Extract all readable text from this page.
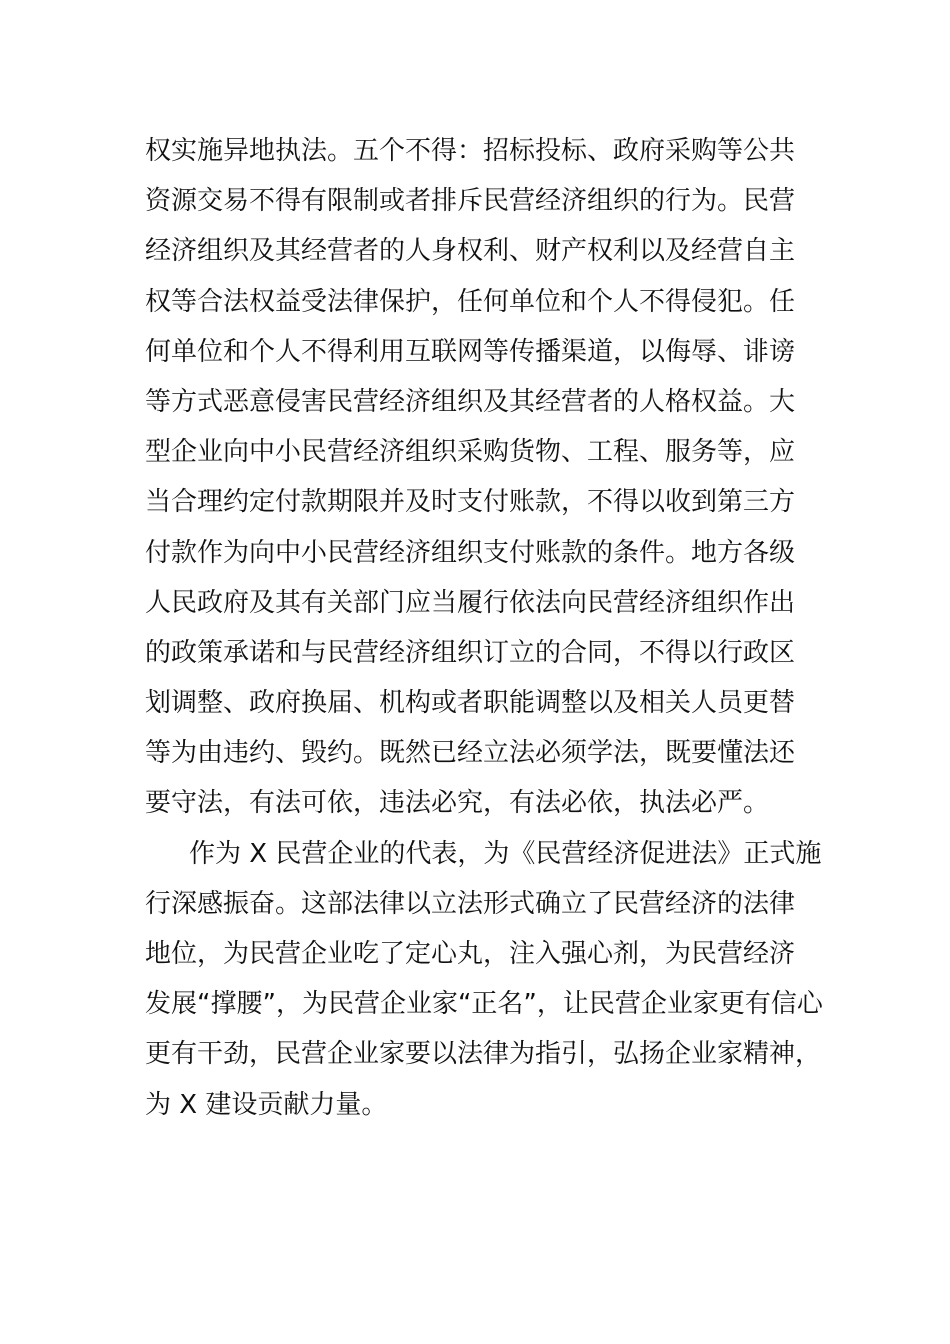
权实施异地执法。五个不得：招标投标、政府采购等公共
资源交易不得有限制或者排斥民营经济组织的行为。民营
经济组织及其经营者的人身权利、财产权利以及经营自主
权等合法权益受法律保护，任何单位和个人不得侵犯。任
何单位和个人不得利用互联网等传播渠道，以侮辱、诽谤
等方式恶意侵害民营经济组织及其经营者的人格权益。大
型企业向中小民营经济组织采购货物、工程、服务等，应
当合理约定付款期限并及时支付账款，不得以收到第三方
付款作为向中小民营经济组织支付账款的条件。地方各级
人民政府及其有关部门应当履行依法向民营经济组织作出
的政策承诺和与民营经济组织订立的合同，不得以行政区
划调整、政府换届、机构或者职能调整以及相关人员更替
等为由违约、毁约。既然已经立法必须学法，既要懂法还
要守法，有法可依，违法必究，有法必依，执法必严。
作为 X 民营企业的代表，为《民营经济促进法》正式施
行深感振奋。这部法律以立法形式确立了民营经济的法律
地位，为民营企业吃了定心丸，注入强心剂，为民营经济
发展“撑腰”，为民营企业家“正名”，让民营企业家更有信心
更有干劲，民营企业家要以法律为指引，弘扬企业家精神，
为 X 建设贡献力量。
